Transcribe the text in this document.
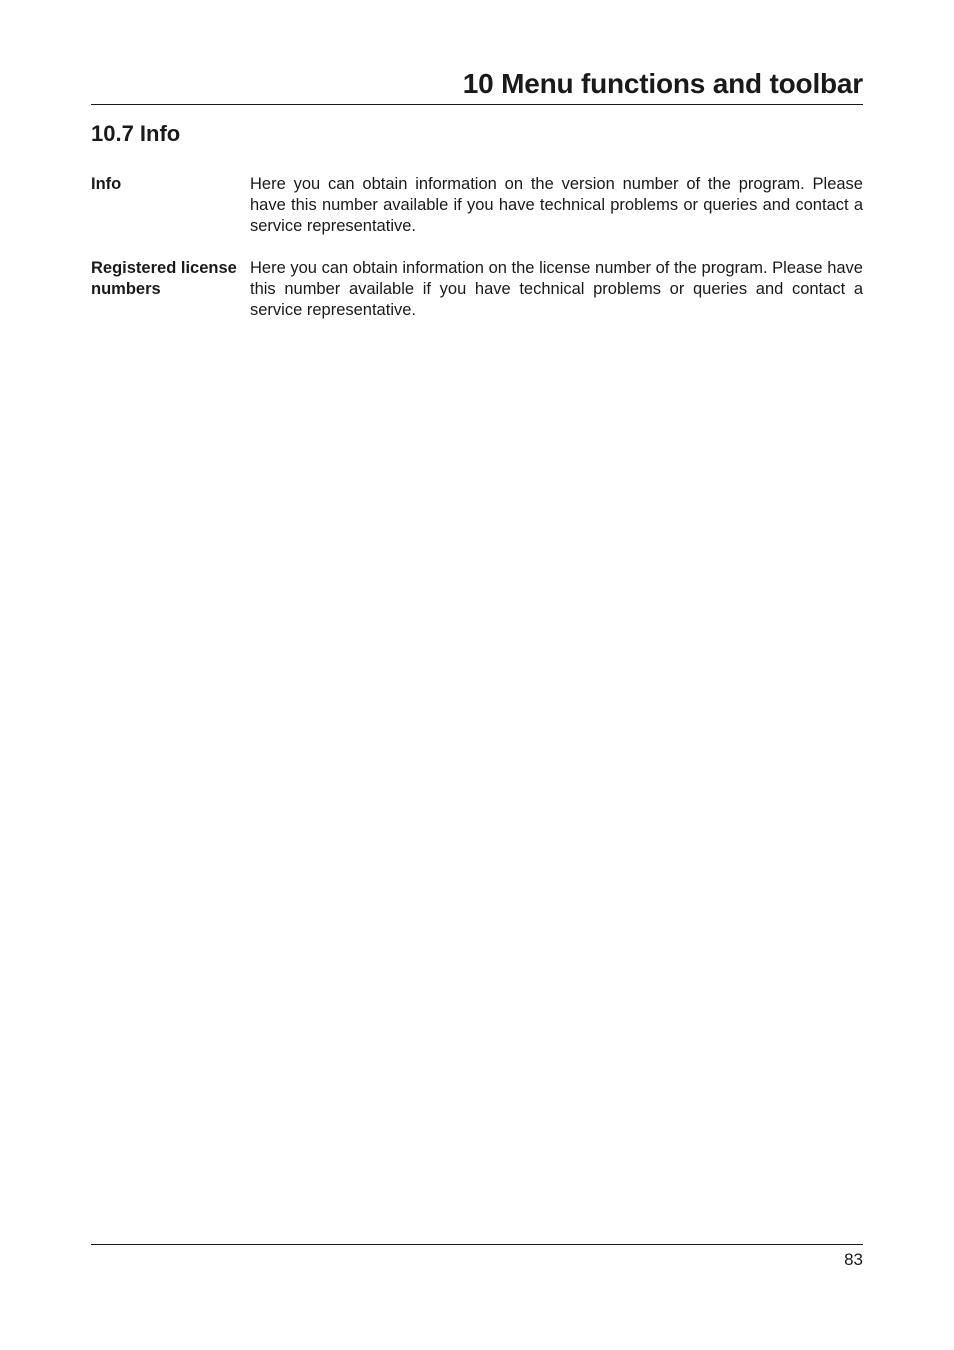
10 Menu functions and toolbar
10.7 Info
Info	Here you can obtain information on the version number of the program. Please have this number available if you have technical problems or queries and contact a service representative.
Registered license numbers
Here you can obtain information on the license number of the program. Please have this number available if you have technical problems or queries and contact a service representative.
83
